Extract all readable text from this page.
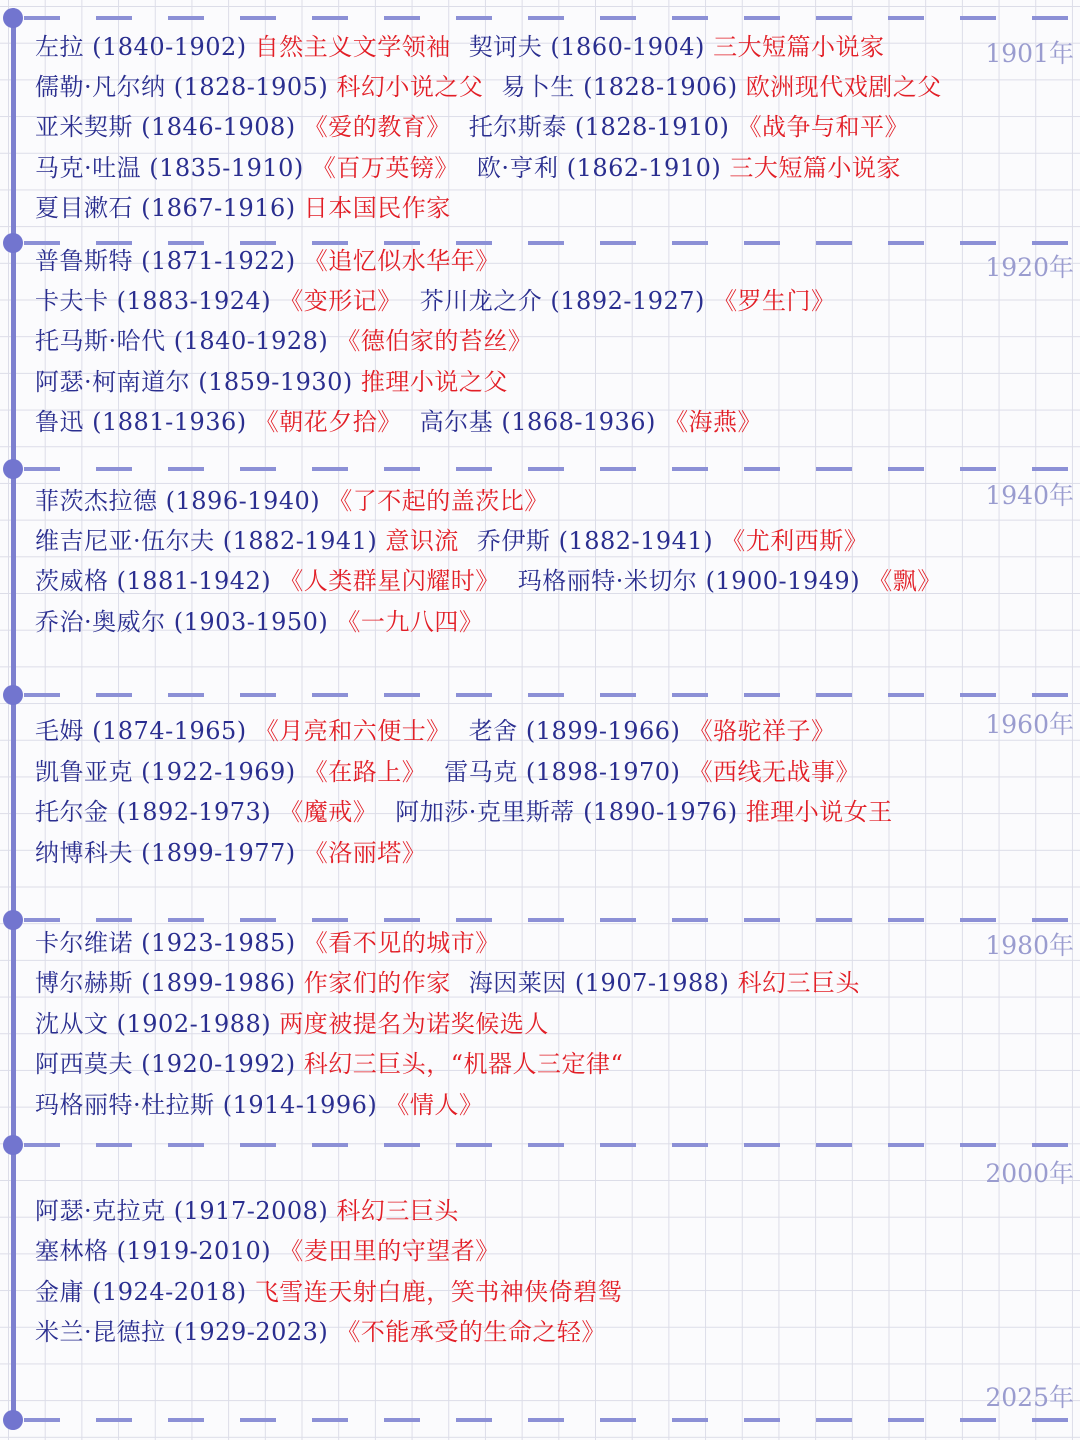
1901年
左拉 (1840-1902) 自然主义文学领袖 契诃夫 (1860-1904) 三大短篇小说家
儒勒·凡尔纳 (1828-1905) 科幻小说之父 易卜生 (1828-1906) 欧洲现代戏剧之父
亚米契斯 (1846-1908) 《爱的教育》 托尔斯泰 (1828-1910) 《战争与和平》
马克·吐温 (1835-1910) 《百万英镑》 欧·亨利 (1862-1910) 三大短篇小说家
夏目漱石 (1867-1916) 日本国民作家
1920年
普鲁斯特 (1871-1922) 《追忆似水华年》
卡夫卡 (1883-1924) 《变形记》 芥川龙之介 (1892-1927) 《罗生门》
托马斯·哈代 (1840-1928) 《德伯家的苔丝》
阿瑟·柯南道尔 (1859-1930) 推理小说之父
鲁迅 (1881-1936) 《朝花夕拾》 高尔基 (1868-1936) 《海燕》
1940年
菲茨杰拉德 (1896-1940) 《了不起的盖茨比》
维吉尼亚·伍尔夫 (1882-1941) 意识流 乔伊斯 (1882-1941) 《尤利西斯》
茨威格 (1881-1942) 《人类群星闪耀时》 玛格丽特·米切尔 (1900-1949) 《飘》
乔治·奥威尔 (1903-1950) 《一九八四》
1960年
毛姆 (1874-1965) 《月亮和六便士》 老舍 (1899-1966) 《骆驼祥子》
凯鲁亚克 (1922-1969) 《在路上》 雷马克 (1898-1970) 《西线无战事》
托尔金 (1892-1973) 《魔戒》 阿加莎·克里斯蒂 (1890-1976) 推理小说女王
纳博科夫 (1899-1977) 《洛丽塔》
1980年
卡尔维诺 (1923-1985) 《看不见的城市》
博尔赫斯 (1899-1986) 作家们的作家 海因莱因 (1907-1988) 科幻三巨头
沈从文 (1902-1988) 两度被提名为诺奖候选人
阿西莫夫 (1920-1992) 科幻三巨头，“机器人三定律“
玛格丽特·杜拉斯 (1914-1996) 《情人》
2000年
阿瑟·克拉克 (1917-2008) 科幻三巨头
塞林格 (1919-2010) 《麦田里的守望者》
金庸 (1924-2018) 飞雪连天射白鹿，笑书神侠倚碧鸳
米兰·昆德拉 (1929-2023) 《不能承受的生命之轻》
2025年
